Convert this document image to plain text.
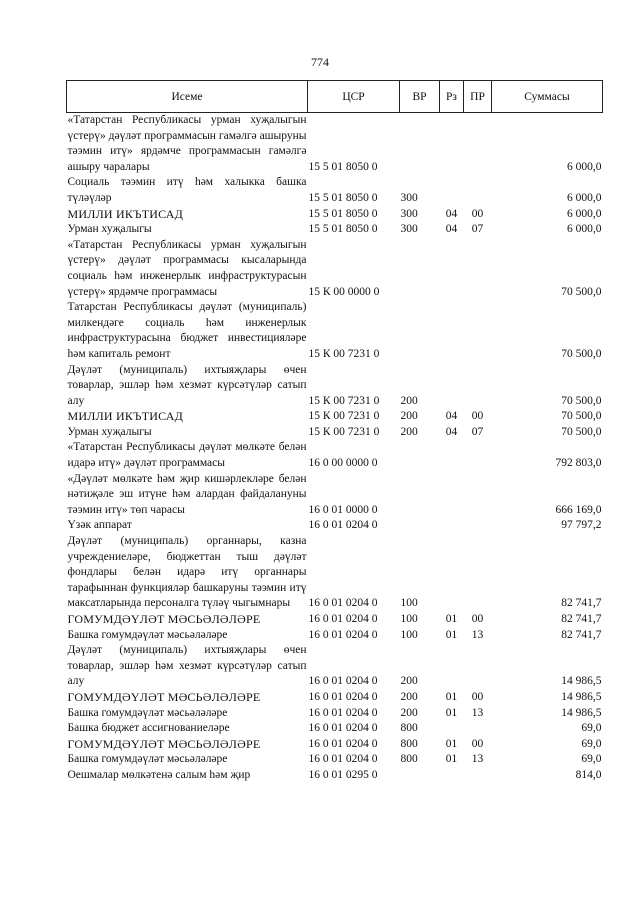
774
Исеме	ЦСР	ВР	Рз	ПР	Суммасы
«Татарстан Республикасы урман хуҗалыгын үстерү» дәүләт программасын гамәлгә ашыруны тәэмин итү» ярдәмче программасын гамәлгә ашыру чаралары	15 5 01 8050 0				6 000,0
Социаль тәэмин итү һәм халыкка башка түләүләр	15 5 01 8050 0	300			6 000,0
МИЛЛИ ИКЪТИСАД	15 5 01 8050 0	300	04	00	6 000,0
Урман хуҗалыгы	15 5 01 8050 0	300	04	07	6 000,0
«Татарстан Республикасы урман хуҗалыгын үстерү» дәүләт программасы кысаларында социаль һәм инженерлык инфраструктурасын үстерү» ярдәмче программасы	15 К 00 0000 0				70 500,0
Татарстан Республикасы дәүләт (муниципаль) милкендәге социаль һәм инженерлык инфраструктурасына бюджет инвестицияләре һәм капиталь ремонт	15 К 00 7231 0				70 500,0
Дәүләт (муниципаль) ихтыяҗлары өчен товарлар, эшләр һәм хезмәт күрсәтүләр сатып алу	15 К 00 7231 0	200			70 500,0
МИЛЛИ ИКЪТИСАД	15 К 00 7231 0	200	04	00	70 500,0
Урман хуҗалыгы	15 К 00 7231 0	200	04	07	70 500,0
«Татарстан Республикасы дәүләт мөлкәте белән идарә итү» дәүләт программасы	16 0 00 0000 0				792 803,0
«Дәүләт мөлкәте һәм җир кишәрлекләре белән нәтиҗәле эш итүне һәм алардан файдалануны тәэмин итү» төп чарасы	16 0 01 0000 0				666 169,0
Үзәк аппарат	16 0 01 0204 0				97 797,2
Дәүләт (муниципаль) органнары, казна учреждениеләре, бюджеттан тыш дәүләт фондлары белән идарә итү органнары тарафыннан функцияләр башкаруны тәэмин итү максатларында персоналга түләү чыгымнары	16 0 01 0204 0	100			82 741,7
ГОМУМДӘҮЛӘТ МӘСЬӘЛӘЛӘРЕ	16 0 01 0204 0	100	01	00	82 741,7
Башка гомумдәүләт мәсьәләләре	16 0 01 0204 0	100	01	13	82 741,7
Дәүләт (муниципаль) ихтыяҗлары өчен товарлар, эшләр һәм хезмәт күрсәтүләр сатып алу	16 0 01 0204 0	200			14 986,5
ГОМУМДӘҮЛӘТ МӘСЬӘЛӘЛӘРЕ	16 0 01 0204 0	200	01	00	14 986,5
Башка гомумдәүләт мәсьәләләре	16 0 01 0204 0	200	01	13	14 986,5
Башка бюджет ассигнованиеләре	16 0 01 0204 0	800			69,0
ГОМУМДӘҮЛӘТ МӘСЬӘЛӘЛӘРЕ	16 0 01 0204 0	800	01	00	69,0
Башка гомумдәүләт мәсьәләләре	16 0 01 0204 0	800	01	13	69,0
Оешмалар мөлкәтенә салым һәм җир	16 0 01 0295 0				814,0
